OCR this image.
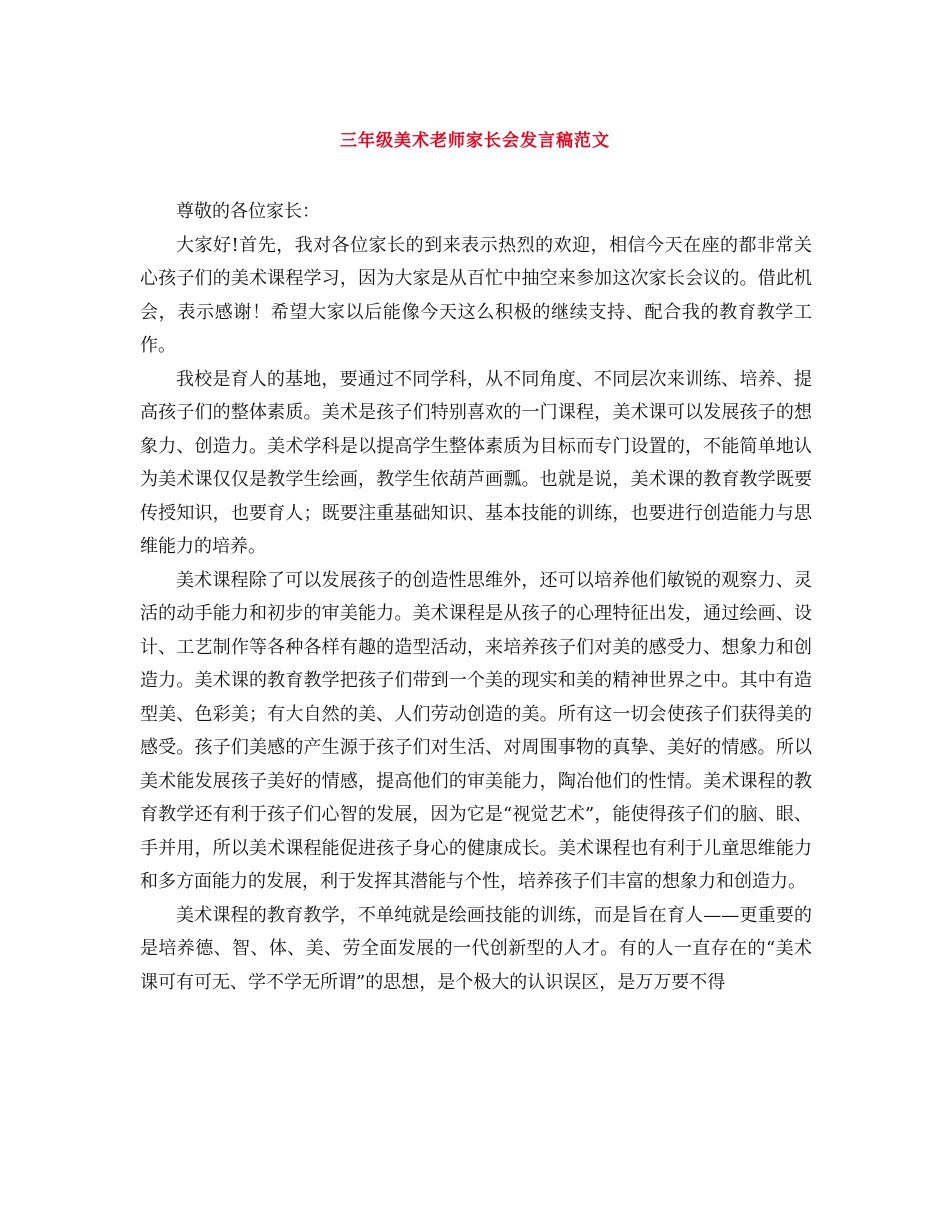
三年级美术老师家长会发言稿范文

尊敬的各位家长：

大家好!首先，我对各位家长的到来表示热烈的欢迎，相信今天在座的都非常关心孩子们的美术课程学习，因为大家是从百忙中抽空来参加这次家长会议的。借此机会，表示感谢！希望大家以后能像今天这么积极的继续支持、配合我的教育教学工作。

我校是育人的基地，要通过不同学科，从不同角度、不同层次来训练、培养、提高孩子们的整体素质。美术是孩子们特别喜欢的一门课程，美术课可以发展孩子的想象力、创造力。美术学科是以提高学生整体素质为目标而专门设置的，不能简单地认为美术课仅仅是教学生绘画，教学生依葫芦画瓢。也就是说，美术课的教育教学既要传授知识，也要育人；既要注重基础知识、基本技能的训练，也要进行创造能力与思维能力的培养。

美术课程除了可以发展孩子的创造性思维外，还可以培养他们敏锐的观察力、灵活的动手能力和初步的审美能力。美术课程是从孩子的心理特征出发，通过绘画、设计、工艺制作等各种各样有趣的造型活动，来培养孩子们对美的感受力、想象力和创造力。美术课的教育教学把孩子们带到一个美的现实和美的精神世界之中。其中有造型美、色彩美；有大自然的美、人们劳动创造的美。所有这一切会使孩子们获得美的感受。孩子们美感的产生源于孩子们对生活、对周围事物的真挚、美好的情感。所以美术能发展孩子美好的情感，提高他们的审美能力，陶冶他们的性情。美术课程的教育教学还有利于孩子们心智的发展，因为它是“视觉艺术”，能使得孩子们的脑、眼、手并用，所以美术课程能促进孩子身心的健康成长。美术课程也有利于儿童思维能力和多方面能力的发展，利于发挥其潜能与个性，培养孩子们丰富的想象力和创造力。

美术课程的教育教学，不单纯就是绘画技能的训练，而是旨在育人——更重要的是培养德、智、体、美、劳全面发展的一代创新型的人才。有的人一直存在的“美术课可有可无、学不学无所谓”的思想，是个极大的认识误区，是万万要不得
